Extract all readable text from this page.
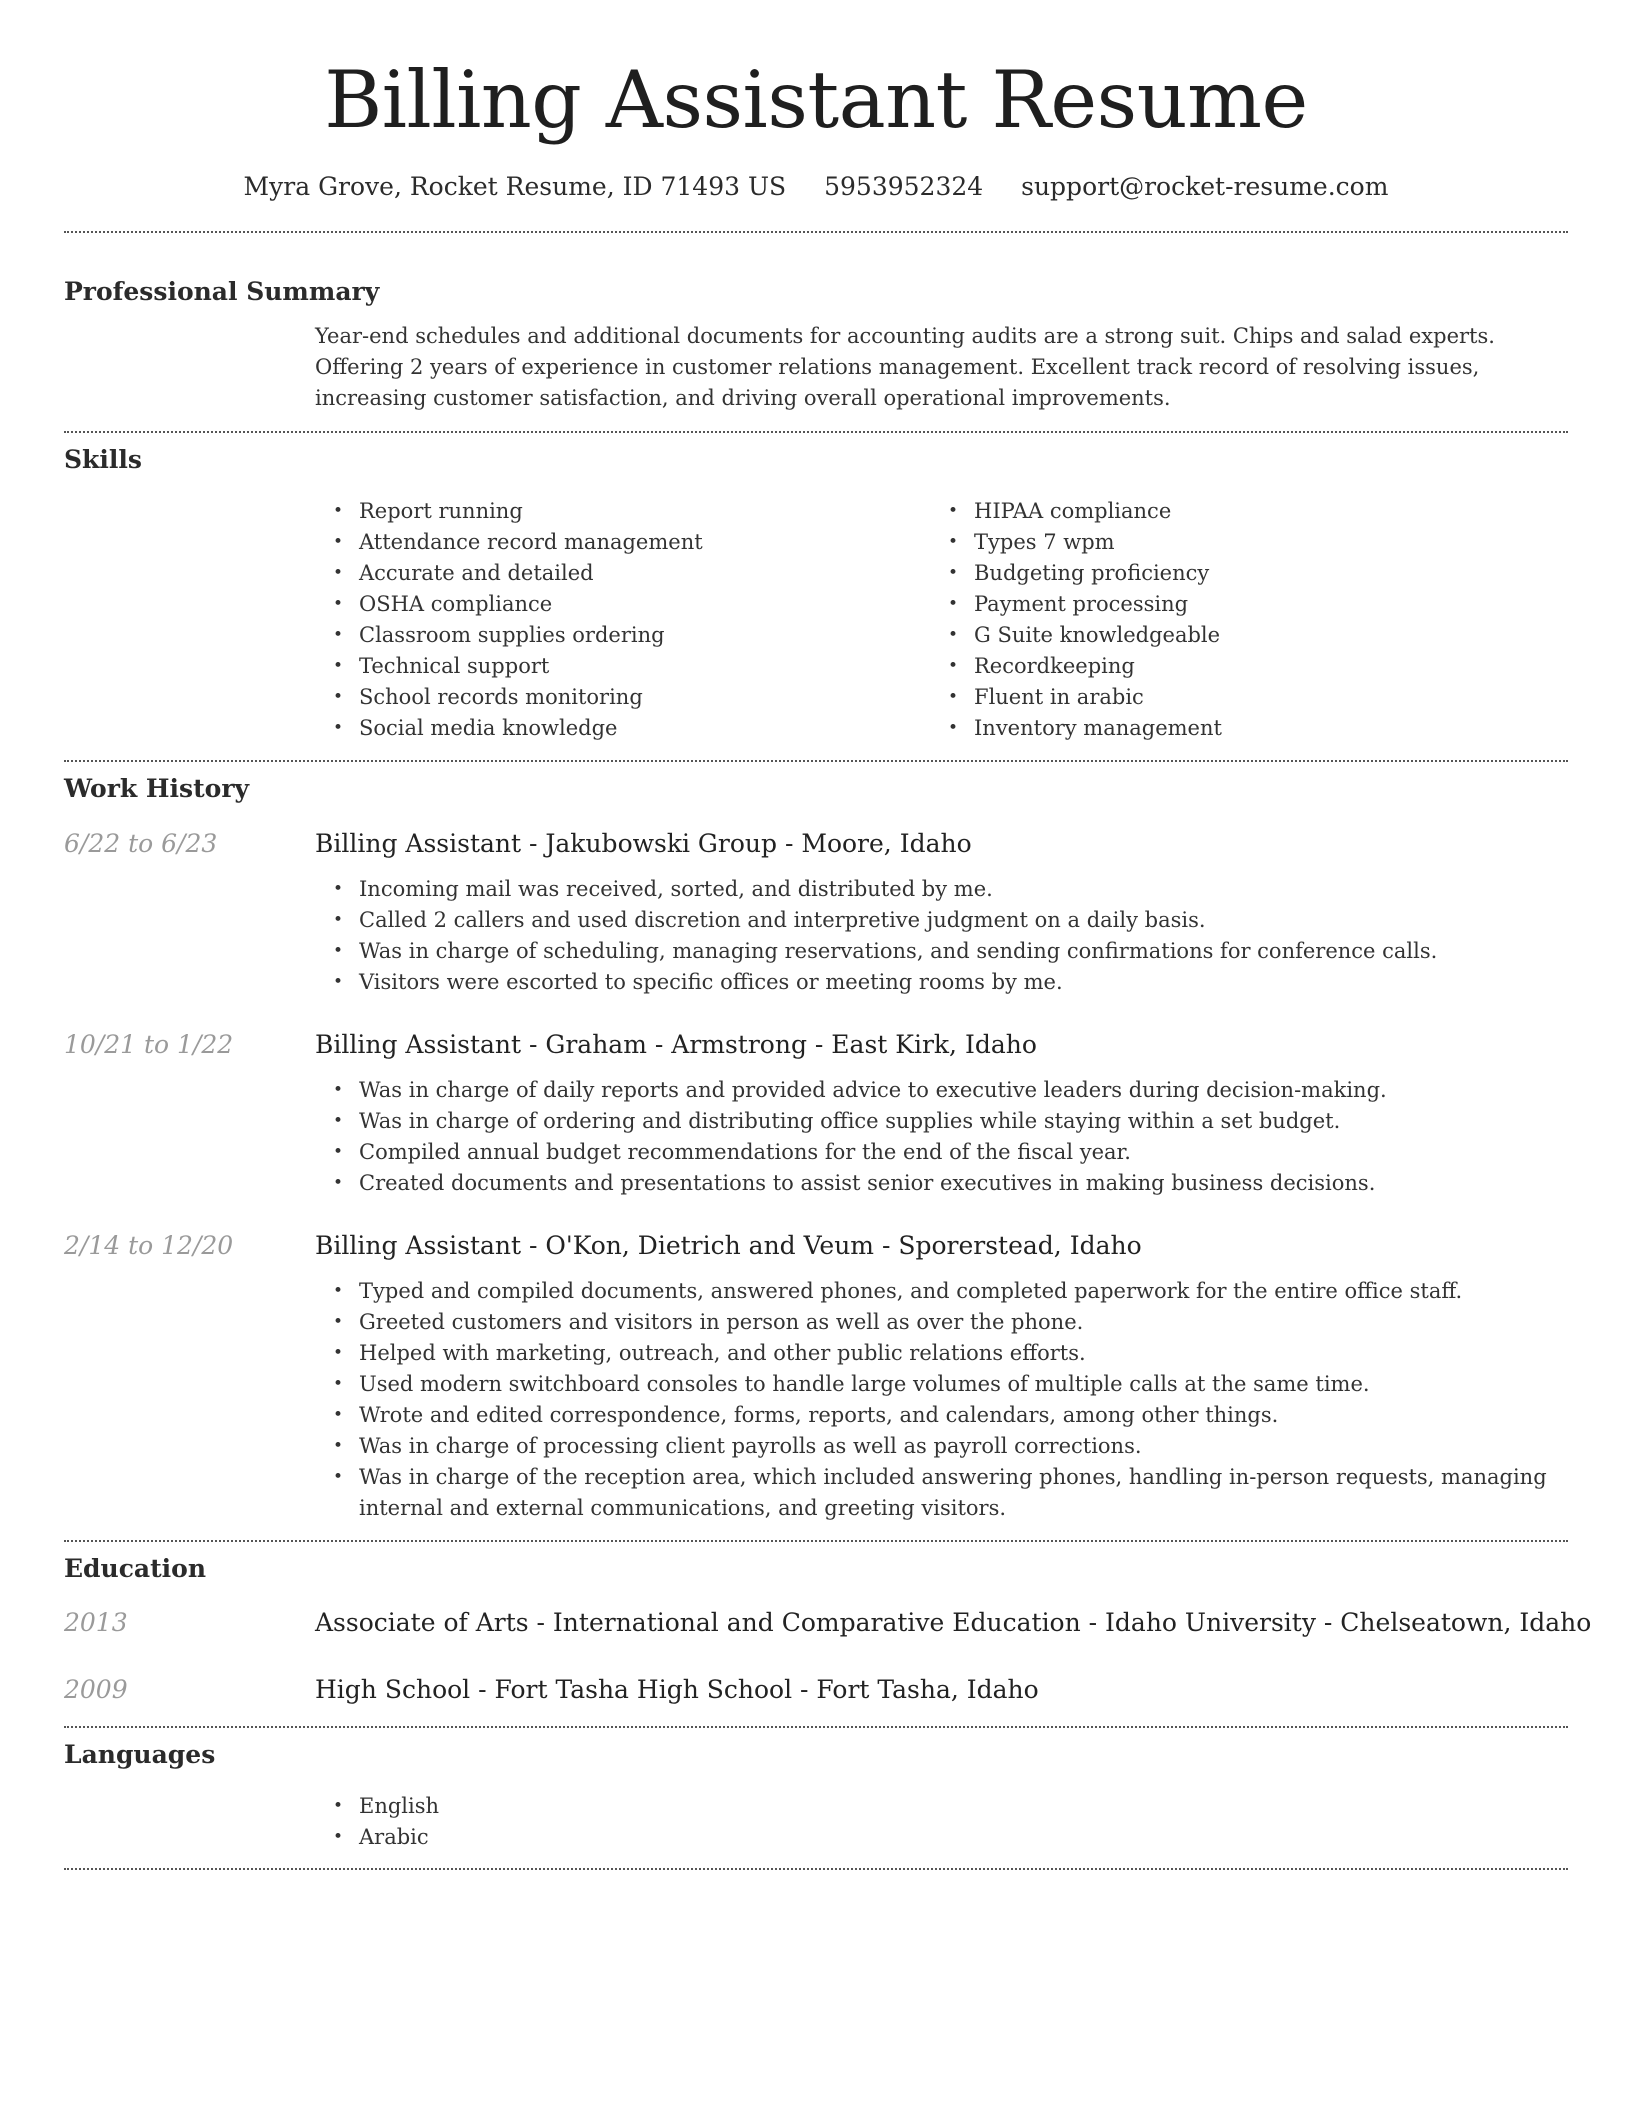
Billing Assistant Resume
Myra Grove, Rocket Resume, ID 71493 US 5953952324 support@rocket-resume.com
Professional Summary
Year-end schedules and additional documents for accounting audits are a strong suit. Chips and salad experts. Offering 2 years of experience in customer relations management. Excellent track record of resolving issues, increasing customer satisfaction, and driving overall operational improvements.
Skills
• Report running
• Attendance record management
• Accurate and detailed
• OSHA compliance
• Classroom supplies ordering
• Technical support
• School records monitoring
• Social media knowledge
• HIPAA compliance
• Types 7 wpm
• Budgeting proficiency
• Payment processing
• G Suite knowledgeable
• Recordkeeping
• Fluent in arabic
• Inventory management
Work History
6/22 to 6/23	Billing Assistant - Jakubowski Group - Moore, Idaho
• Incoming mail was received, sorted, and distributed by me.
• Called 2 callers and used discretion and interpretive judgment on a daily basis.
• Was in charge of scheduling, managing reservations, and sending confirmations for conference calls.
• Visitors were escorted to specific offices or meeting rooms by me.
10/21 to 1/22	Billing Assistant - Graham - Armstrong - East Kirk, Idaho
• Was in charge of daily reports and provided advice to executive leaders during decision-making.
• Was in charge of ordering and distributing office supplies while staying within a set budget.
• Compiled annual budget recommendations for the end of the fiscal year.
• Created documents and presentations to assist senior executives in making business decisions.
2/14 to 12/20	Billing Assistant - O'Kon, Dietrich and Veum - Sporerstead, Idaho
• Typed and compiled documents, answered phones, and completed paperwork for the entire office staff.
• Greeted customers and visitors in person as well as over the phone.
• Helped with marketing, outreach, and other public relations efforts.
• Used modern switchboard consoles to handle large volumes of multiple calls at the same time.
• Wrote and edited correspondence, forms, reports, and calendars, among other things.
• Was in charge of processing client payrolls as well as payroll corrections.
• Was in charge of the reception area, which included answering phones, handling in-person requests, managing internal and external communications, and greeting visitors.
Education
2013	Associate of Arts - International and Comparative Education - Idaho University - Chelseatown, Idaho
2009	High School - Fort Tasha High School - Fort Tasha, Idaho
Languages
• English
• Arabic
